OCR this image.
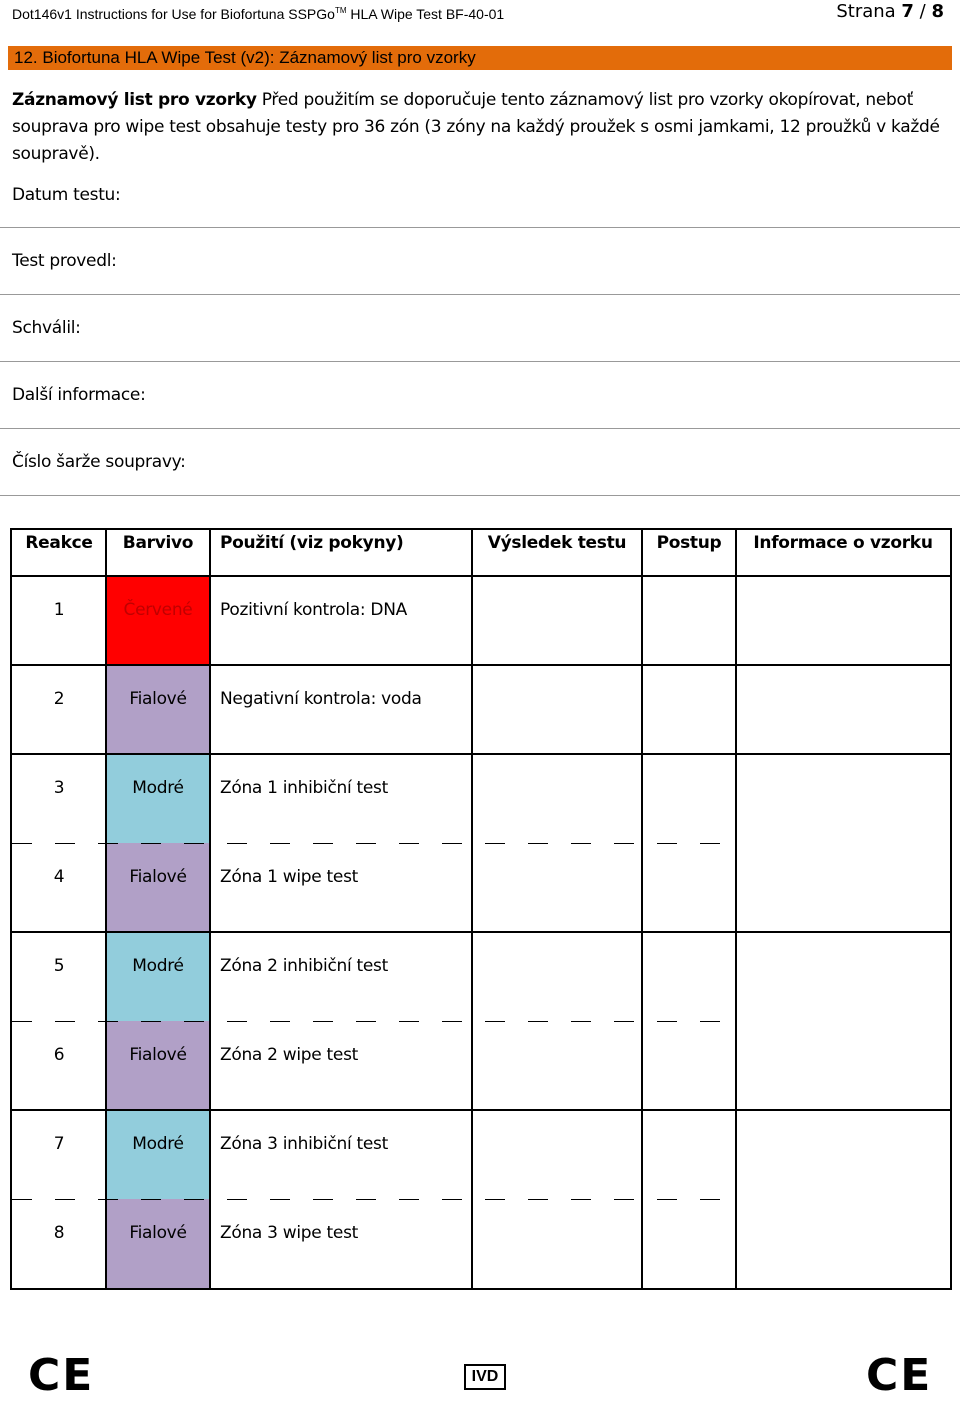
Dot146v1 Instructions for Use for Biofortuna SSPGo™ HLA Wipe Test BF-40-01	Strana 7 / 8
12. Biofortuna HLA Wipe Test (v2): Záznamový list pro vzorky
Záznamový list pro vzorky Před použitím se doporučuje tento záznamový list pro vzorky okopírovat, neboť souprava pro wipe test obsahuje testy pro 36 zón (3 zóny na každý proužek s osmi jamkami, 12 proužků v každé soupravě).
Datum testu:
Test provedl:
Schválil:
Další informace:
Číslo šarže soupravy:
Reakce	Barvivo	Použití (viz pokyny)	Výsledek testu	Postup	Informace o vzorku
1	Červené	Pozitivní kontrola: DNA
2	Fialové	Negativní kontrola: voda
3	Modré	Zóna 1 inhibiční test
4	Fialové	Zóna 1 wipe test
5	Modré	Zóna 2 inhibiční test
6	Fialové	Zóna 2 wipe test
7	Modré	Zóna 3 inhibiční test
8	Fialové	Zóna 3 wipe test
CE	IVD	CE
